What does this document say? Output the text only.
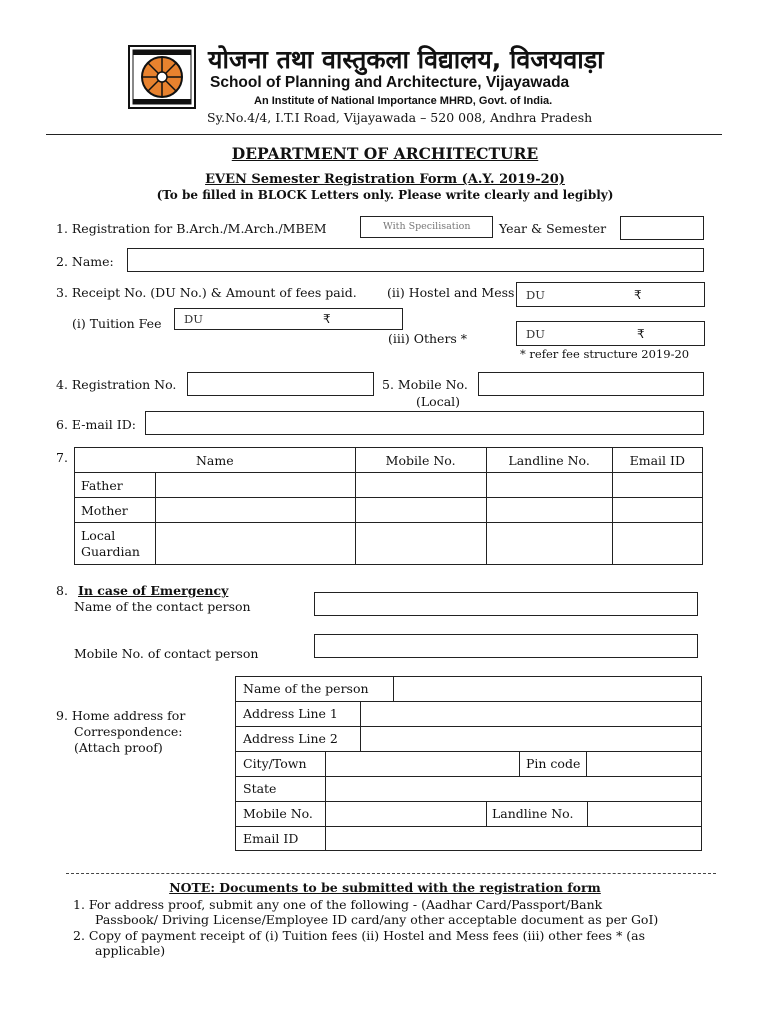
योजना तथा वास्तुकला विद्यालय, विजयवाड़ा
School of Planning and Architecture, Vijayawada
An Institute of National Importance MHRD, Govt. of India.
Sy.No.4/4, I.T.I Road, Vijayawada – 520 008, Andhra Pradesh
DEPARTMENT OF ARCHITECTURE
EVEN Semester Registration Form (A.Y. 2019-20)
(To be filled in BLOCK Letters only. Please write clearly and legibly)
1. Registration for B.Arch./M.Arch./MBEM	With Specilisation Year & Semester
2. Name:
3. Receipt No. (DU No.) & Amount of fees paid. (ii) Hostel and Mess DU	₹
(i) Tuition Fee DU	₹
(iii) Others *	DU	₹
* refer fee structure 2019-20
4. Registration No.	5. Mobile No.
(Local)
6. E-mail ID:
7.	Name		Mobile No.	Landline No.	Email ID
Father				
Mother				
Local Guardian				
8. In case of Emergency
Name of the contact person
Mobile No. of contact person
9. Home address for
Correspondence:
(Attach proof)
Name of the person
Address Line 1
Address Line 2
City/Town	Pin code
State
Mobile No.	Landline No.
Email ID
NOTE: Documents to be submitted with the registration form
1. For address proof, submit any one of the following - (Aadhar Card/Passport/Bank
Passbook/ Driving License/Employee ID card/any other acceptable document as per GoI)
2. Copy of payment receipt of (i) Tuition fees (ii) Hostel and Mess fees (iii) other fees * (as
applicable)
